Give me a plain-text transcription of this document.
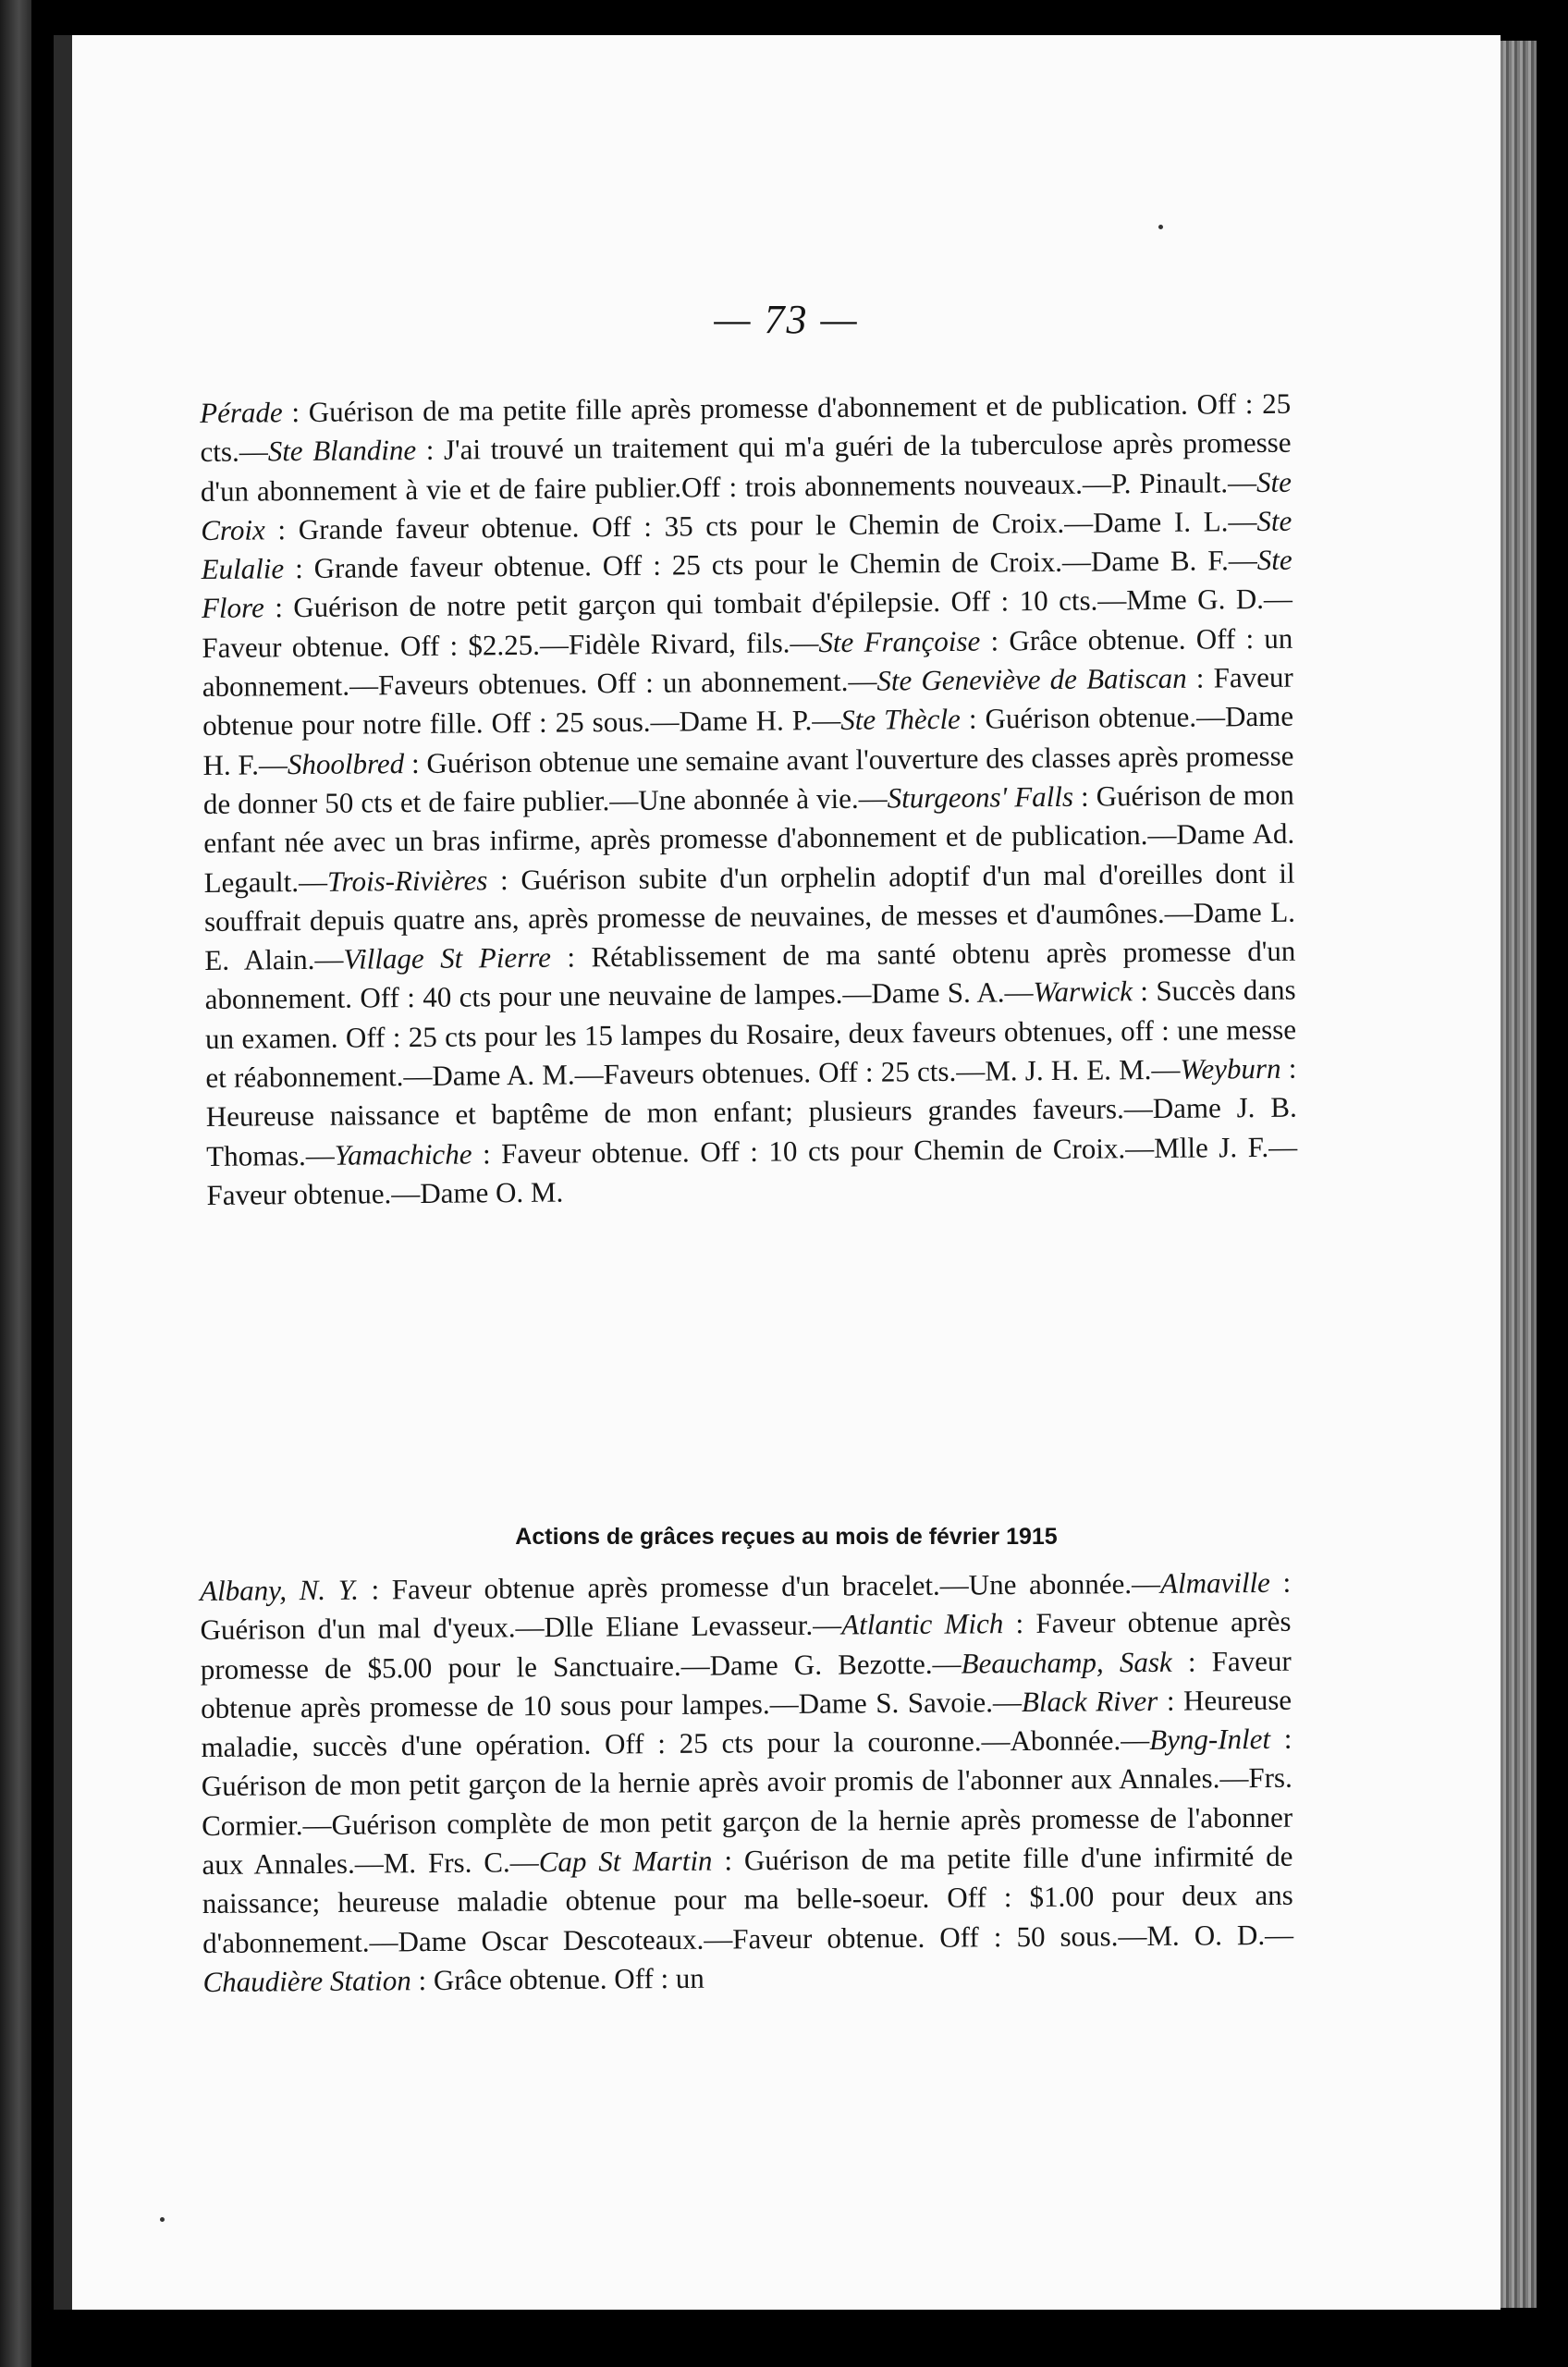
— 73 —

Pérade : Guérison de ma petite fille après promesse d'abonnement et de publication. Off : 25 cts.—Ste Blandine : J'ai trouvé un traitement qui m'a guéri de la tuberculose après promesse d'un abonnement à vie et de faire publier.Off : trois abonnements nouveaux.—P. Pinault.—Ste Croix : Grande faveur obtenue. Off : 35 cts pour le Chemin de Croix.—Dame I. L.—Ste Eulalie : Grande faveur obtenue. Off : 25 cts pour le Chemin de Croix.—Dame B. F.—Ste Flore : Guérison de notre petit garçon qui tombait d'épilepsie. Off : 10 cts.—Mme G. D.—Faveur obtenue. Off : $2.25.—Fidèle Rivard, fils.—Ste Françoise : Grâce obtenue. Off : un abonnement.—Faveurs obtenues. Off : un abonnement.—Ste Geneviève de Batiscan : Faveur obtenue pour notre fille. Off : 25 sous.—Dame H. P.—Ste Thècle : Guérison obtenue.—Dame H. F.—Shoolbred : Guérison obtenue une semaine avant l'ouverture des classes après promesse de donner 50 cts et de faire publier.—Une abonnée à vie.—Sturgeons' Falls : Guérison de mon enfant née avec un bras infirme, après promesse d'abonnement et de publication.—Dame Ad. Legault.—Trois-Rivières : Guérison subite d'un orphelin adoptif d'un mal d'oreilles dont il souffrait depuis quatre ans, après promesse de neuvaines, de messes et d'aumônes.—Dame L. E. Alain.—Village St Pierre : Rétablissement de ma santé obtenu après promesse d'un abonnement. Off : 40 cts pour une neuvaine de lampes.—Dame S. A.—Warwick : Succès dans un examen. Off : 25 cts pour les 15 lampes du Rosaire, deux faveurs obtenues, off : une messe et réabonnement.—Dame A. M.—Faveurs obtenues. Off : 25 cts.—M. J. H. E. M.—Weyburn : Heureuse naissance et baptême de mon enfant; plusieurs grandes faveurs.—Dame J. B. Thomas.—Yamachiche : Faveur obtenue. Off : 10 cts pour Chemin de Croix.—Mlle J. F.—Faveur obtenue.—Dame O. M.

Actions de grâces reçues au mois de février 1915

Albany, N. Y. : Faveur obtenue après promesse d'un bracelet.—Une abonnée.—Almaville : Guérison d'un mal d'yeux.—Dlle Eliane Levasseur.—Atlantic Mich : Faveur obtenue après promesse de $5.00 pour le Sanctuaire.—Dame G. Bezotte.—Beauchamp, Sask : Faveur obtenue après promesse de 10 sous pour lampes.—Dame S. Savoie.—Black River : Heureuse maladie, succès d'une opération. Off : 25 cts pour la couronne.—Abonnée.—Byng-Inlet : Guérison de mon petit garçon de la hernie après avoir promis de l'abonner aux Annales.—Frs. Cormier.—Guérison complète de mon petit garçon de la hernie après promesse de l'abonner aux Annales.—M. Frs. C.—Cap St Martin : Guérison de ma petite fille d'une infirmité de naissance; heureuse maladie obtenue pour ma belle-soeur. Off : $1.00 pour deux ans d'abonnement.—Dame Oscar Descoteaux.—Faveur obtenue. Off : 50 sous.—M. O. D.—Chaudière Station : Grâce obtenue. Off : un
